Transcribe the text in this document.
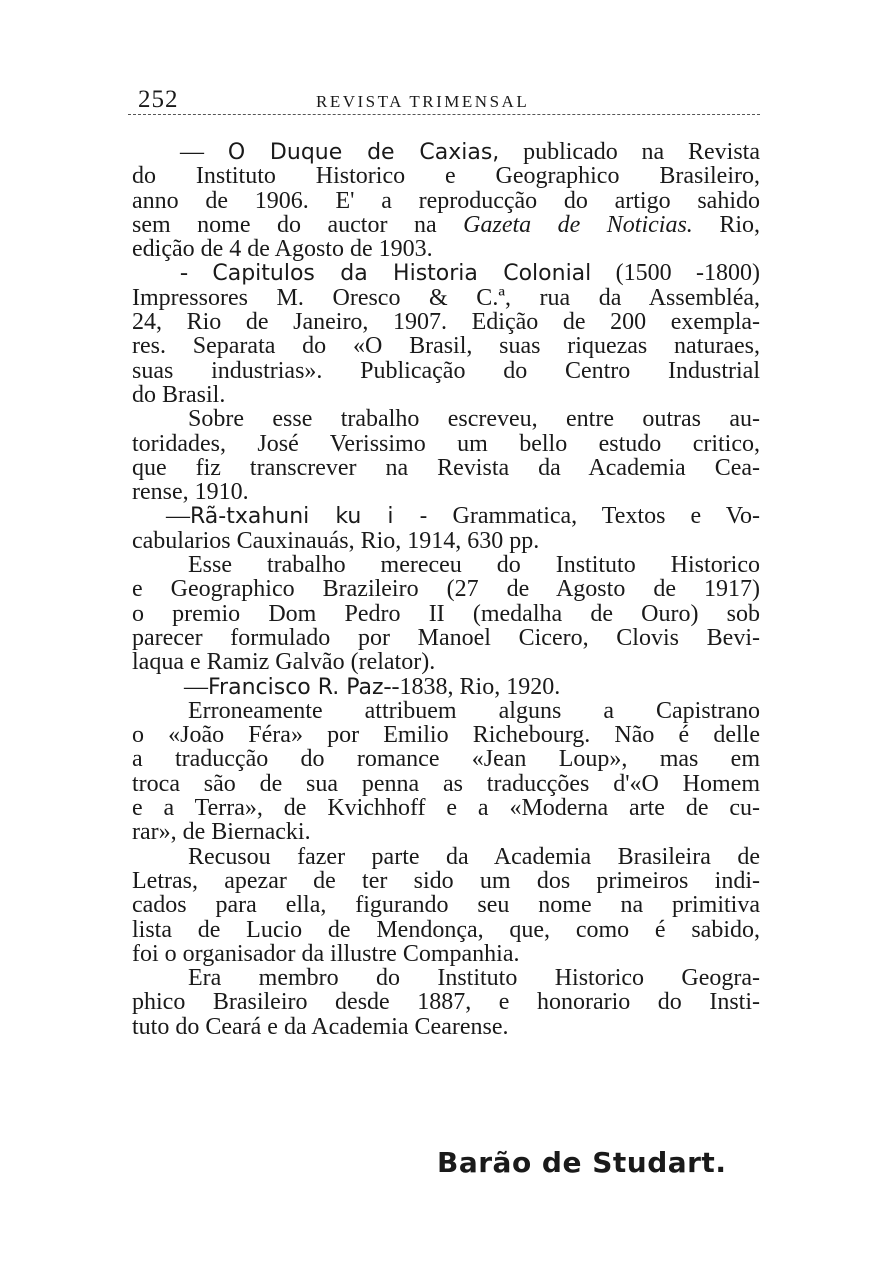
252	REVISTA TRIMENSAL
— O Duque de Caxias, publicado na Revista
do Instituto Historico e Geographico Brasileiro,
anno de 1906. E' a reproducção do artigo sahido
sem nome do auctor na Gazeta de Noticias. Rio,
edição de 4 de Agosto de 1903.
- Capitulos da Historia Colonial (1500 -1800)
Impressores M. Oresco & C.ª, rua da Assembléa,
24, Rio de Janeiro, 1907. Edição de 200 exempla-
res. Separata do «O Brasil, suas riquezas naturaes,
suas industrias». Publicação do Centro Industrial
do Brasil.
Sobre esse trabalho escreveu, entre outras au-
toridades, José Verissimo um bello estudo critico,
que fiz transcrever na Revista da Academia Cea-
rense, 1910.
—Rã-txahuni ku i - Grammatica, Textos e Vo-
cabularios Cauxinauás, Rio, 1914, 630 pp.
Esse trabalho mereceu do Instituto Historico
e Geographico Brazileiro (27 de Agosto de 1917)
o premio Dom Pedro II (medalha de Ouro) sob
parecer formulado por Manoel Cicero, Clovis Bevi-
laqua e Ramiz Galvão (relator).
—Francisco R. Paz--1838, Rio, 1920.
Erroneamente attribuem alguns a Capistrano
o «João Féra» por Emilio Richebourg. Não é delle
a traducção do romance «Jean Loup», mas em
troca são de sua penna as traducções d'«O Homem
e a Terra», de Kvichhoff e a «Moderna arte de cu-
rar», de Biernacki.
Recusou fazer parte da Academia Brasileira de
Letras, apezar de ter sido um dos primeiros indi-
cados para ella, figurando seu nome na primitiva
lista de Lucio de Mendonça, que, como é sabido,
foi o organisador da illustre Companhia.
Era membro do Instituto Historico Geogra-
phico Brasileiro desde 1887, e honorario do Insti-
tuto do Ceará e da Academia Cearense.
Barão de Studart.
